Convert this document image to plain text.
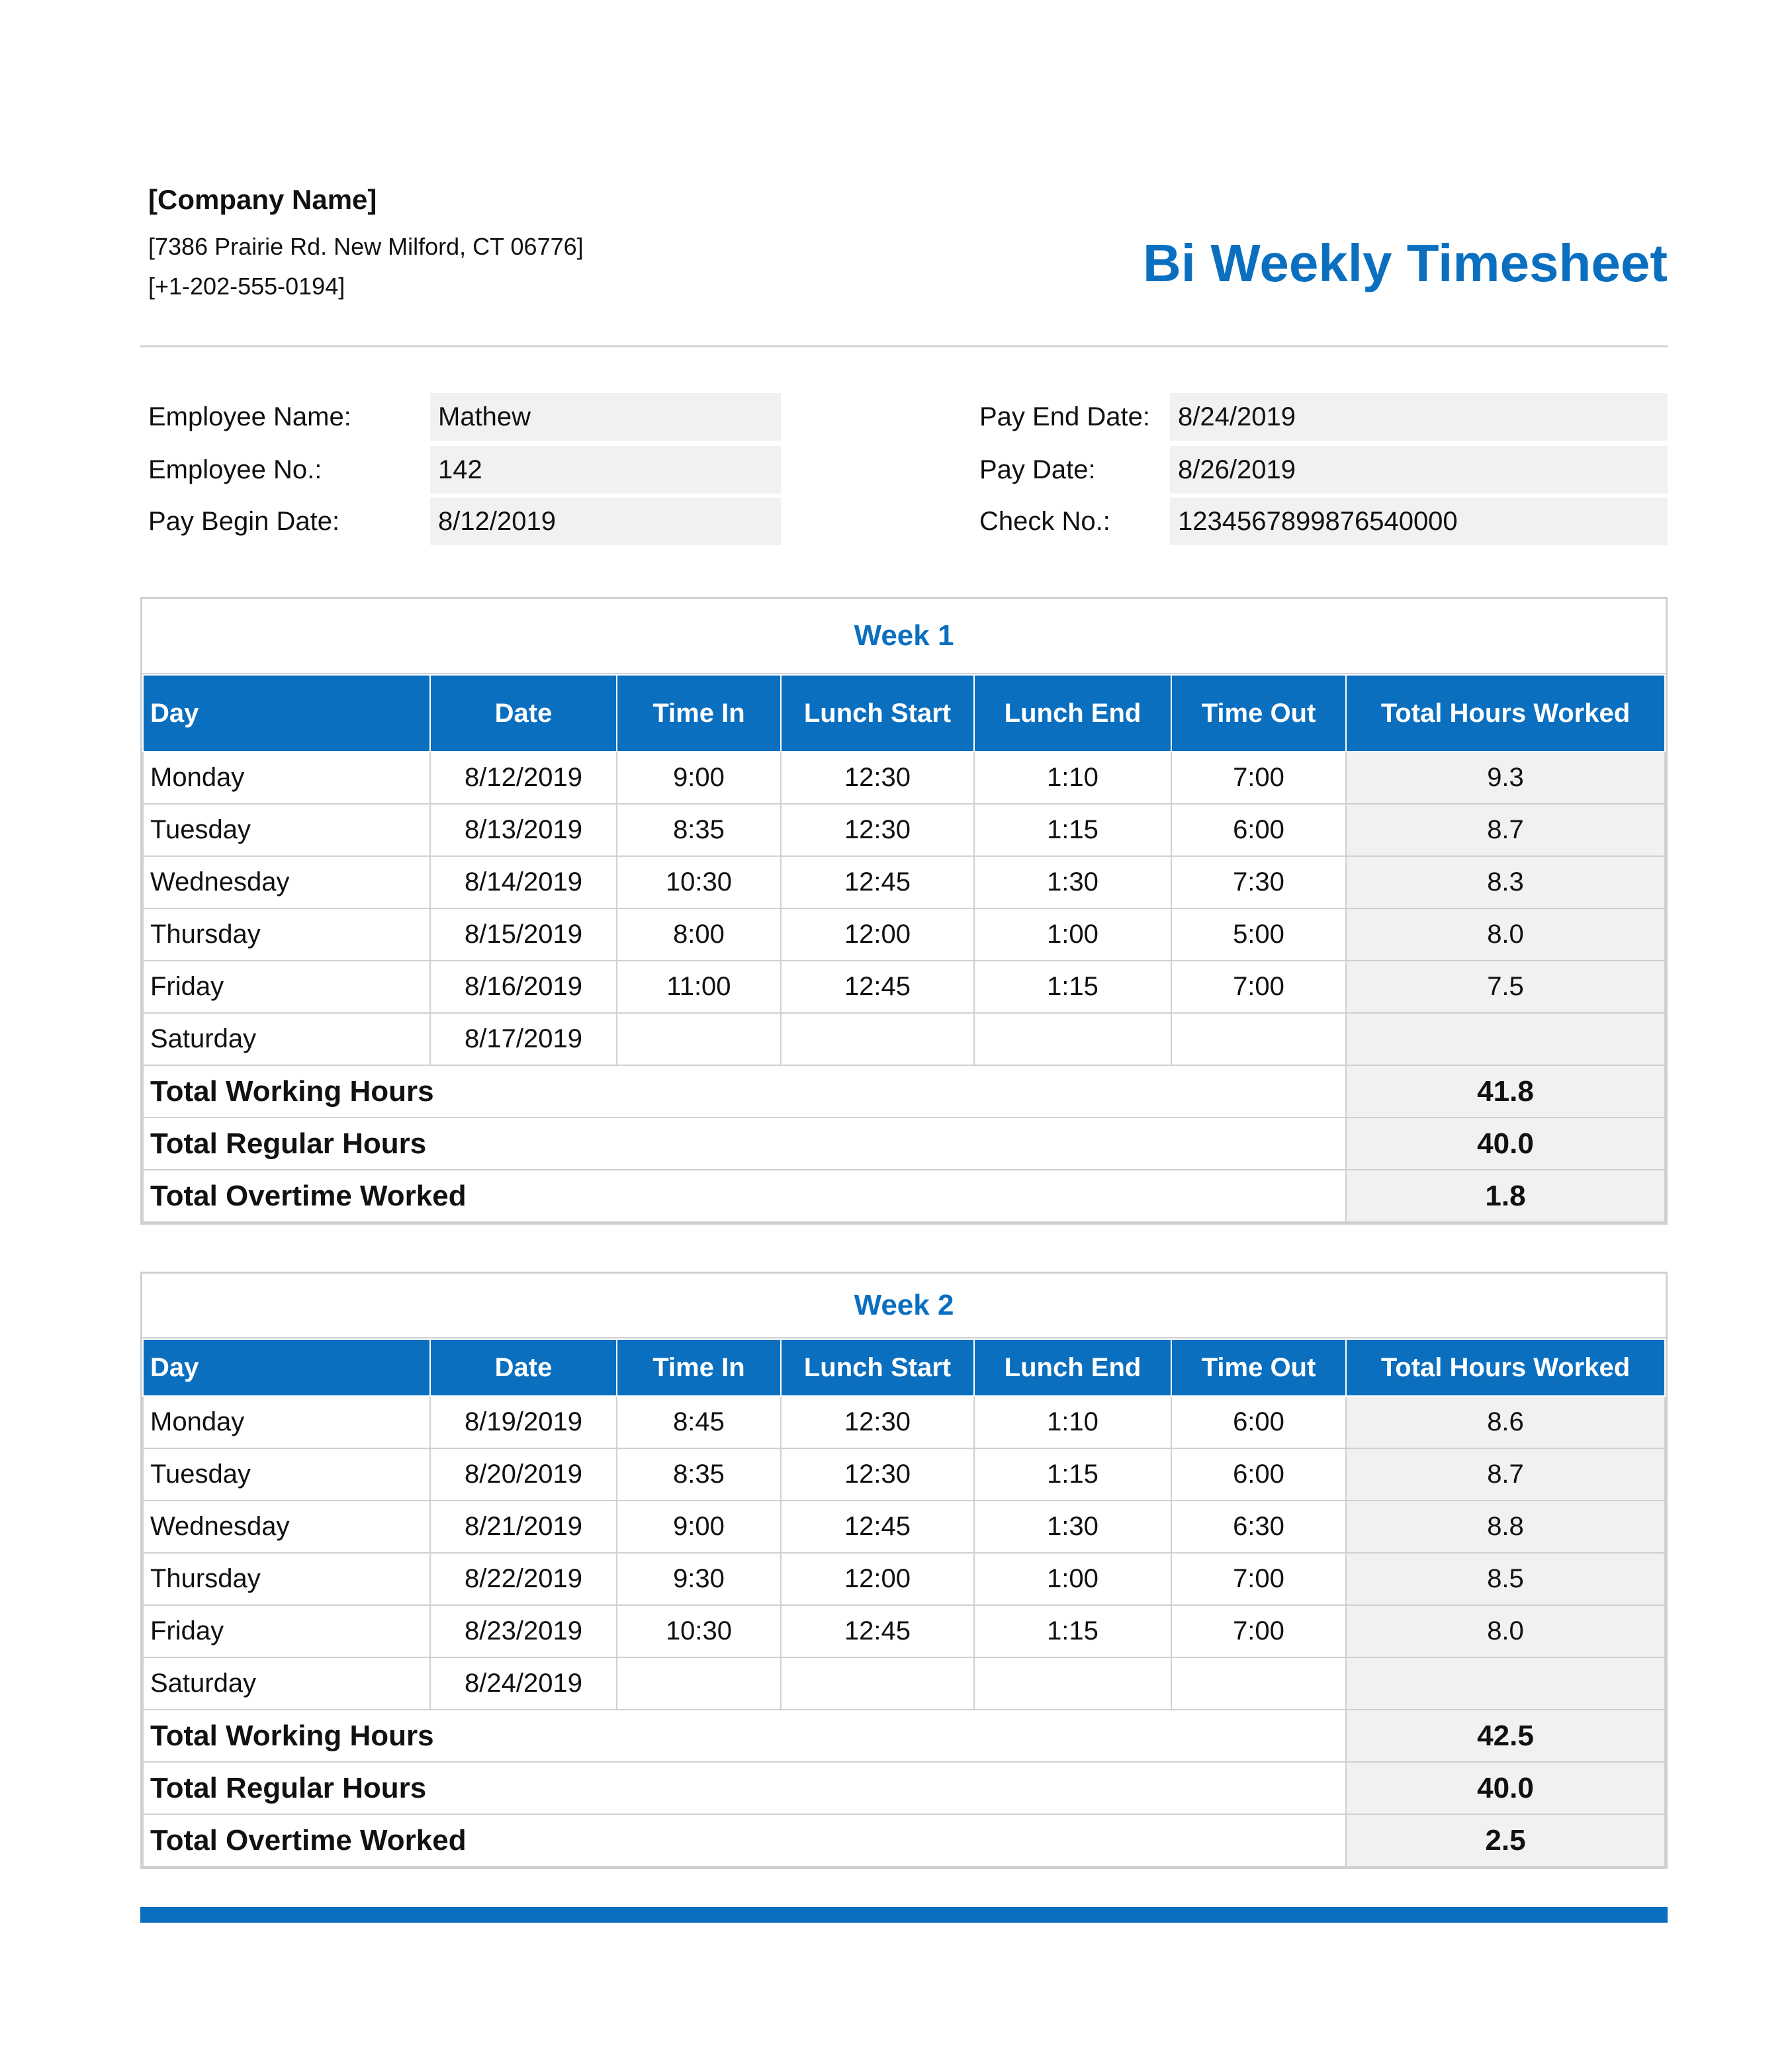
[Company Name]
[7386 Prairie Rd. New Milford, CT 06776]
[+1-202-555-0194]	Bi Weekly Timesheet
Employee Name:	Mathew
Employee No.:	142
Pay Begin Date:	8/12/2019
Pay End Date:	8/24/2019
Pay Date:	8/26/2019
Check No.:	1234567899876540000
Week 1
Day	Date	Time In	Lunch Start	Lunch End	Time Out	Total Hours Worked
Monday	8/12/2019	9:00	12:30	1:10	7:00	9.3
Tuesday	8/13/2019	8:35	12:30	1:15	6:00	8.7
Wednesday	8/14/2019	10:30	12:45	1:30	7:30	8.3
Thursday	8/15/2019	8:00	12:00	1:00	5:00	8.0
Friday	8/16/2019	11:00	12:45	1:15	7:00	7.5
Saturday	8/17/2019					
Total Working Hours						41.8
Total Regular Hours						40.0
Total Overtime Worked						1.8
Week 2
Day	Date	Time In	Lunch Start	Lunch End	Time Out	Total Hours Worked
Monday	8/19/2019	8:45	12:30	1:10	6:00	8.6
Tuesday	8/20/2019	8:35	12:30	1:15	6:00	8.7
Wednesday	8/21/2019	9:00	12:45	1:30	6:30	8.8
Thursday	8/22/2019	9:30	12:00	1:00	7:00	8.5
Friday	8/23/2019	10:30	12:45	1:15	7:00	8.0
Saturday	8/24/2019					
Total Working Hours						42.5
Total Regular Hours						40.0
Total Overtime Worked						2.5
